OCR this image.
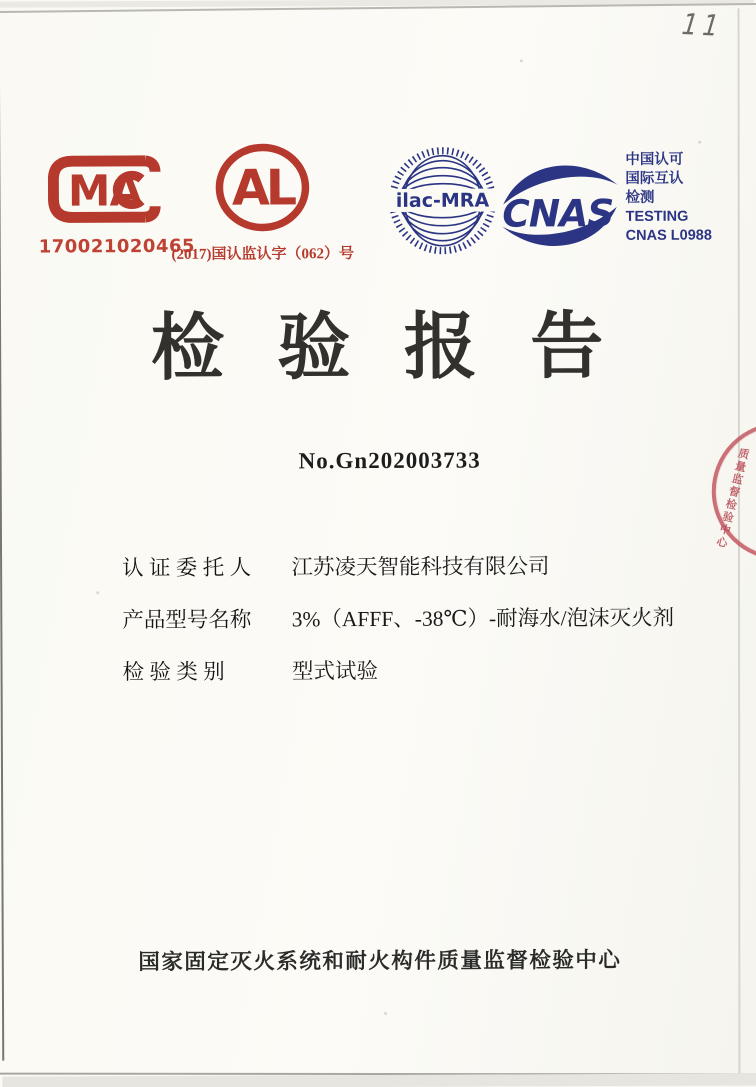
11
MA
170021020465
AL
(2017)国认监认字（062）号
ilac-MRA CNAS
中国认可
国际互认
检测
TESTING
CNAS L0988
检 验 报 告
No.Gn202003733
认 证 委 托 人 江苏凌天智能科技有限公司
产品型号名称 3%（AFFF、-38℃）-耐海水/泡沫灭火剂
检 验 类 别	型式试验
国家固定灭火系统和耐火构件质量监督检验中心
质量监督检验中心
